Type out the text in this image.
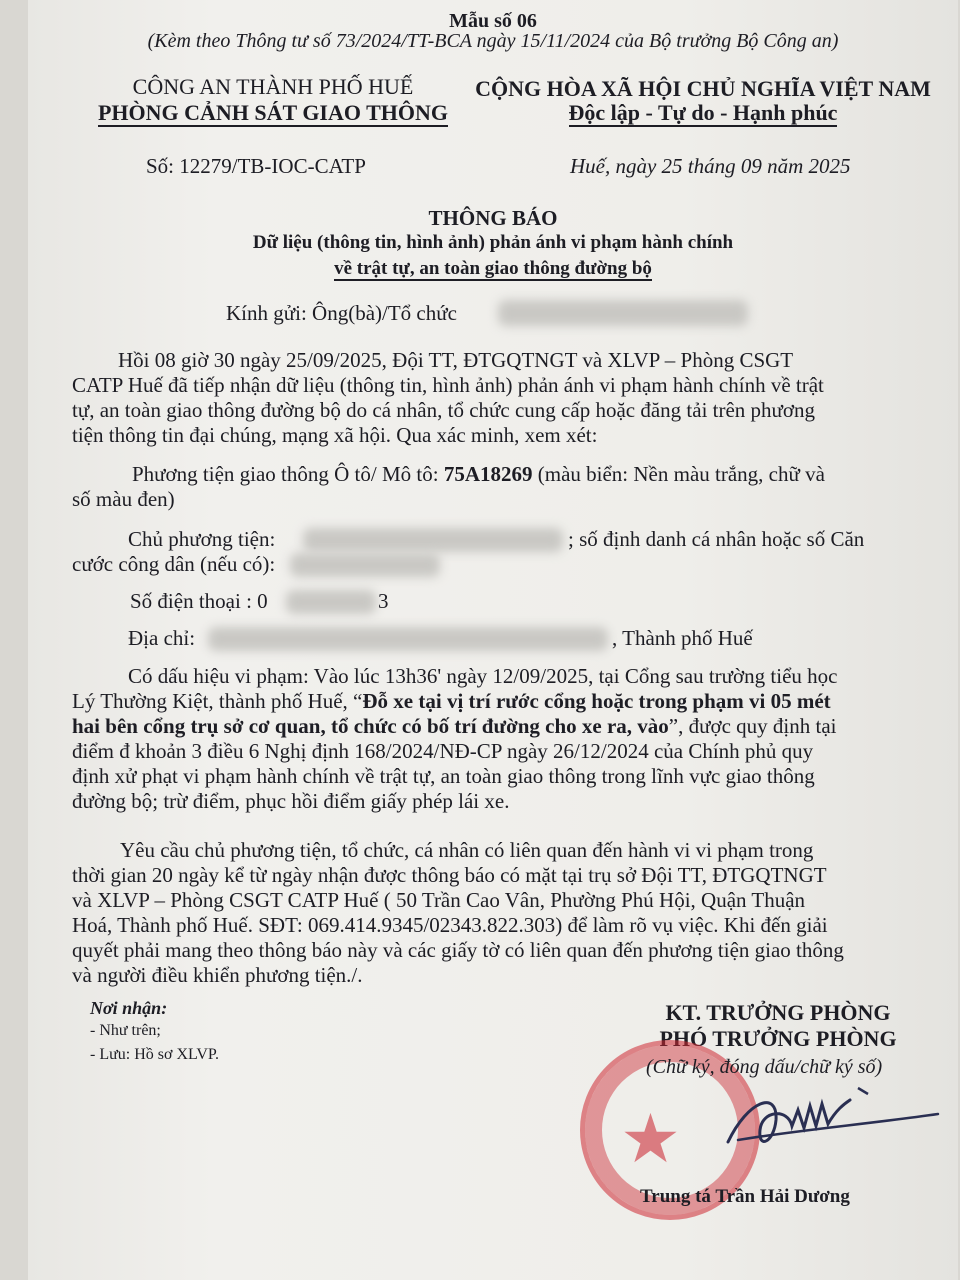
Mẫu số 06
(Kèm theo Thông tư số 73/2024/TT-BCA ngày 15/11/2024 của Bộ trưởng Bộ Công an)
CÔNG AN THÀNH PHỐ HUẾ
PHÒNG CẢNH SÁT GIAO THÔNG
CỘNG HÒA XÃ HỘI CHỦ NGHĨA VIỆT NAM
Độc lập - Tự do - Hạnh phúc
Số: 12279/TB-IOC-CATP	Huế, ngày 25 tháng 09 năm 2025
THÔNG BÁO
Dữ liệu (thông tin, hình ảnh) phản ánh vi phạm hành chính
về trật tự, an toàn giao thông đường bộ
Kính gửi: Ông(bà)/Tổ chức
Hồi 08 giờ 30 ngày 25/09/2025, Đội TT, ĐTGQTNGT và XLVP – Phòng CSGT
CATP Huế đã tiếp nhận dữ liệu (thông tin, hình ảnh) phản ánh vi phạm hành chính về trật
tự, an toàn giao thông đường bộ do cá nhân, tổ chức cung cấp hoặc đăng tải trên phương
tiện thông tin đại chúng, mạng xã hội. Qua xác minh, xem xét:
Phương tiện giao thông Ô tô/ Mô tô: 75A18269 (màu biển: Nền màu trắng, chữ và
số màu đen)
Chủ phương tiện:	; số định danh cá nhân hoặc số Căn
cước công dân (nếu có):
Số điện thoại : 0	3
Địa chỉ:	, Thành phố Huế
Có dấu hiệu vi phạm: Vào lúc 13h36' ngày 12/09/2025, tại Cổng sau trường tiểu học
Lý Thường Kiệt, thành phố Huế, “Đỗ xe tại vị trí rước cổng hoặc trong phạm vi 05 mét
hai bên cổng trụ sở cơ quan, tổ chức có bố trí đường cho xe ra, vào”, được quy định tại
điểm đ khoản 3 điều 6 Nghị định 168/2024/NĐ-CP ngày 26/12/2024 của Chính phủ quy
định xử phạt vi phạm hành chính về trật tự, an toàn giao thông trong lĩnh vực giao thông
đường bộ; trừ điểm, phục hồi điểm giấy phép lái xe.
Yêu cầu chủ phương tiện, tổ chức, cá nhân có liên quan đến hành vi vi phạm trong
thời gian 20 ngày kể từ ngày nhận được thông báo có mặt tại trụ sở Đội TT, ĐTGQTNGT
và XLVP – Phòng CSGT CATP Huế ( 50 Trần Cao Vân, Phường Phú Hội, Quận Thuận
Hoá, Thành phố Huế. SĐT: 069.414.9345/02343.822.303) để làm rõ vụ việc. Khi đến giải
quyết phải mang theo thông báo này và các giấy tờ có liên quan đến phương tiện giao thông
và người điều khiển phương tiện./.
Nơi nhận:
- Như trên;
- Lưu: Hồ sơ XLVP.
KT. TRƯỞNG PHÒNG
PHÓ TRƯỞNG PHÒNG
★
(Chữ ký, đóng dấu/chữ ký số)
Trung tá Trần Hải Dương
